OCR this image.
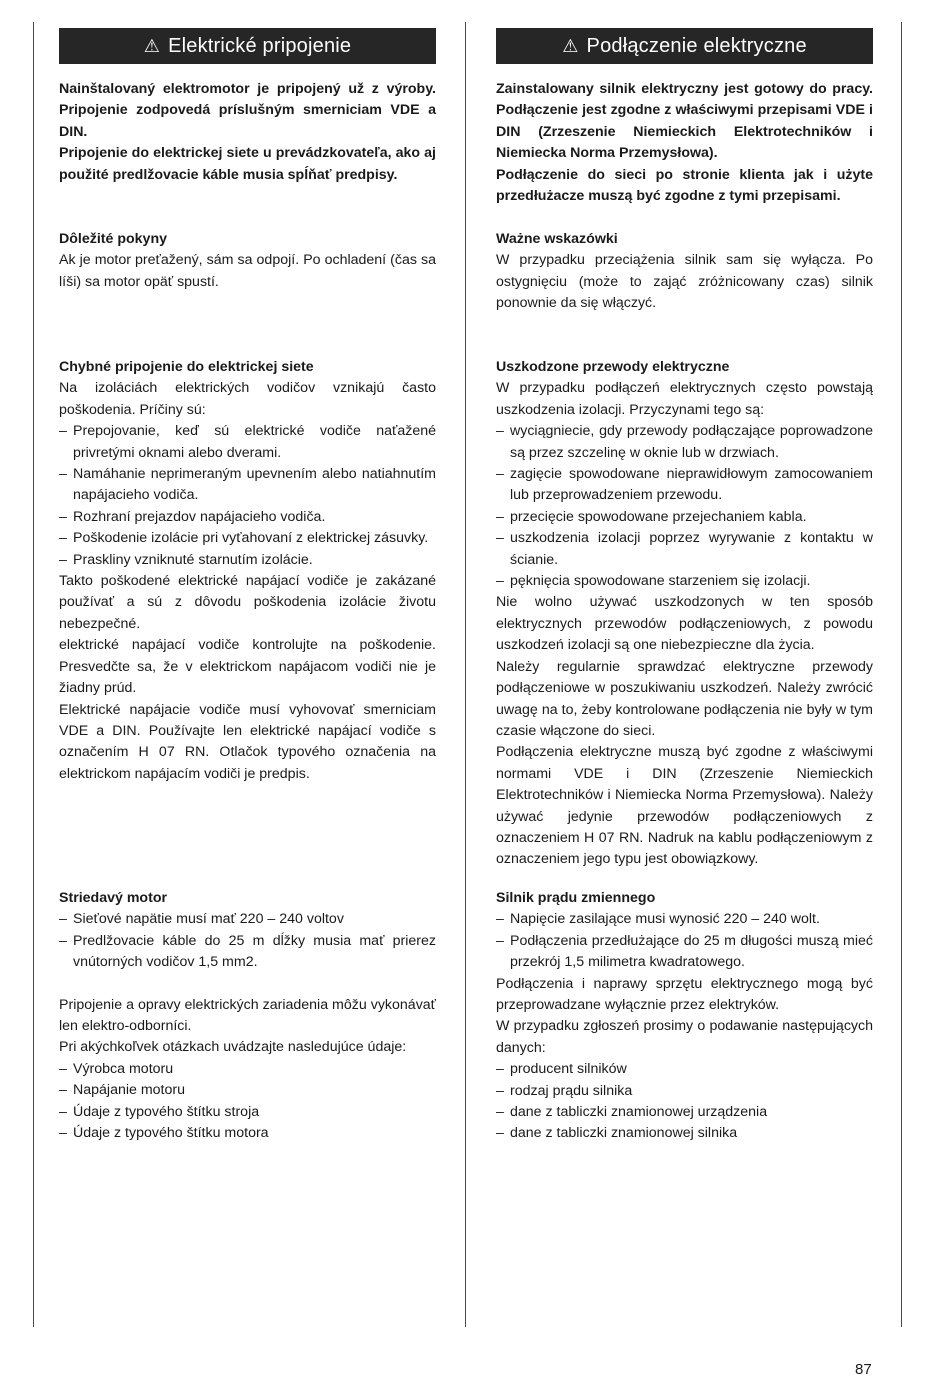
⚠ Elektrické pripojenie

Nainštalovaný elektromotor je pripojený už z výroby. Pripojenie zodpovedá príslušným smerniciam VDE a DIN.

Pripojenie do elektrickej siete u prevádzkovateľa, ako aj použité predlžovacie káble musia spĺňať predpisy.

Dôležité pokyny

Ak je motor preťažený, sám sa odpojí. Po ochladení (čas sa líši) sa motor opäť spustí.

Chybné pripojenie do elektrickej siete

Na izoláciách elektrických vodičov vznikajú často poškodenia. Príčiny sú:

– Prepojovanie, keď sú elektrické vodiče naťažené privretými oknami alebo dverami.
– Namáhanie neprimeraným upevnením alebo natiahnutím napájacieho vodiča.
– Rozhraní prejazdov napájacieho vodiča.
– Poškodenie izolácie pri vyťahovaní z elektrickej zásuvky.
– Praskliny vzniknuté starnutím izolácie.

Takto poškodené elektrické napájací vodiče je zakázané používať a sú z dôvodu poškodenia izolácie životu nebezpečné.

elektrické napájací vodiče kontrolujte na poškodenie. Presvedčte sa, že v elektrickom napájacom vodiči nie je žiadny prúd.

Elektrické napájacie vodiče musí vyhovovať smerniciam VDE a DIN. Používajte len elektrické napájací vodiče s označením H 07 RN. Otlačok typového označenia na elektrickom napájacím vodiči je predpis.

Striedavý motor

– Sieťové napätie musí mať 220 – 240 voltov
– Predlžovacie káble do 25 m dĺžky musia mať prierez vnútorných vodičov 1,5 mm2.

Pripojenie a opravy elektrických zariadenia môžu vykonávať len elektro-odborníci.

Pri akýchkoľvek otázkach uvádzajte nasledujúce údaje:

– Výrobca motoru
– Napájanie motoru
– Údaje z typového štítku stroja
– Údaje z typového štítku motora
⚠ Podłączenie elektryczne

Zainstalowany silnik elektryczny jest gotowy do pracy. Podłączenie jest zgodne z właściwymi przepisami VDE i DIN (Zrzeszenie Niemieckich Elektrotechników i Niemiecka Norma Przemysłowa).

Podłączenie do sieci po stronie klienta jak i użyte przedłużacze muszą być zgodne z tymi przepisami.

Ważne wskazówki

W przypadku przeciążenia silnik sam się wyłącza. Po ostygnięciu (może to zająć zróżnicowany czas) silnik ponownie da się włączyć.

Uszkodzone przewody elektryczne

W przypadku podłączeń elektrycznych często powstają uszkodzenia izolacji. Przyczynami tego są:

– wyciągniecie, gdy przewody podłączające poprowadzone są przez szczelinę w oknie lub w drzwiach.
– zagięcie spowodowane nieprawidłowym zamocowaniem lub przeprowadzeniem przewodu.
– przecięcie spowodowane przejechaniem kabla.
– uszkodzenia izolacji poprzez wyrywanie z kontaktu w ścianie.
– pęknięcia spowodowane starzeniem się izolacji.

Nie wolno używać uszkodzonych w ten sposób elektrycznych przewodów podłączeniowych, z powodu uszkodzeń izolacji są one niebezpieczne dla życia.

Należy regularnie sprawdzać elektryczne przewody podłączeniowe w poszukiwaniu uszkodzeń. Należy zwrócić uwagę na to, żeby kontrolowane podłączenia nie były w tym czasie włączone do sieci.

Podłączenia elektryczne muszą być zgodne z właściwymi normami VDE i DIN (Zrzeszenie Niemieckich Elektrotechników i Niemiecka Norma Przemysłowa). Należy używać jedynie przewodów podłączeniowych z oznaczeniem H 07 RN. Nadruk na kablu podłączeniowym z oznaczeniem jego typu jest obowiązkowy.

Silnik prądu zmiennego

– Napięcie zasilające musi wynosić 220 – 240 wolt.
– Podłączenia przedłużające do 25 m długości muszą mieć przekrój 1,5 milimetra kwadratowego.

Podłączenia i naprawy sprzętu elektrycznego mogą być przeprowadzane wyłącznie przez elektryków.

W przypadku zgłoszeń prosimy o podawanie następujących danych:

– producent silników
– rodzaj prądu silnika
– dane z tabliczki znamionowej urządzenia
– dane z tabliczki znamionowej silnika
87
